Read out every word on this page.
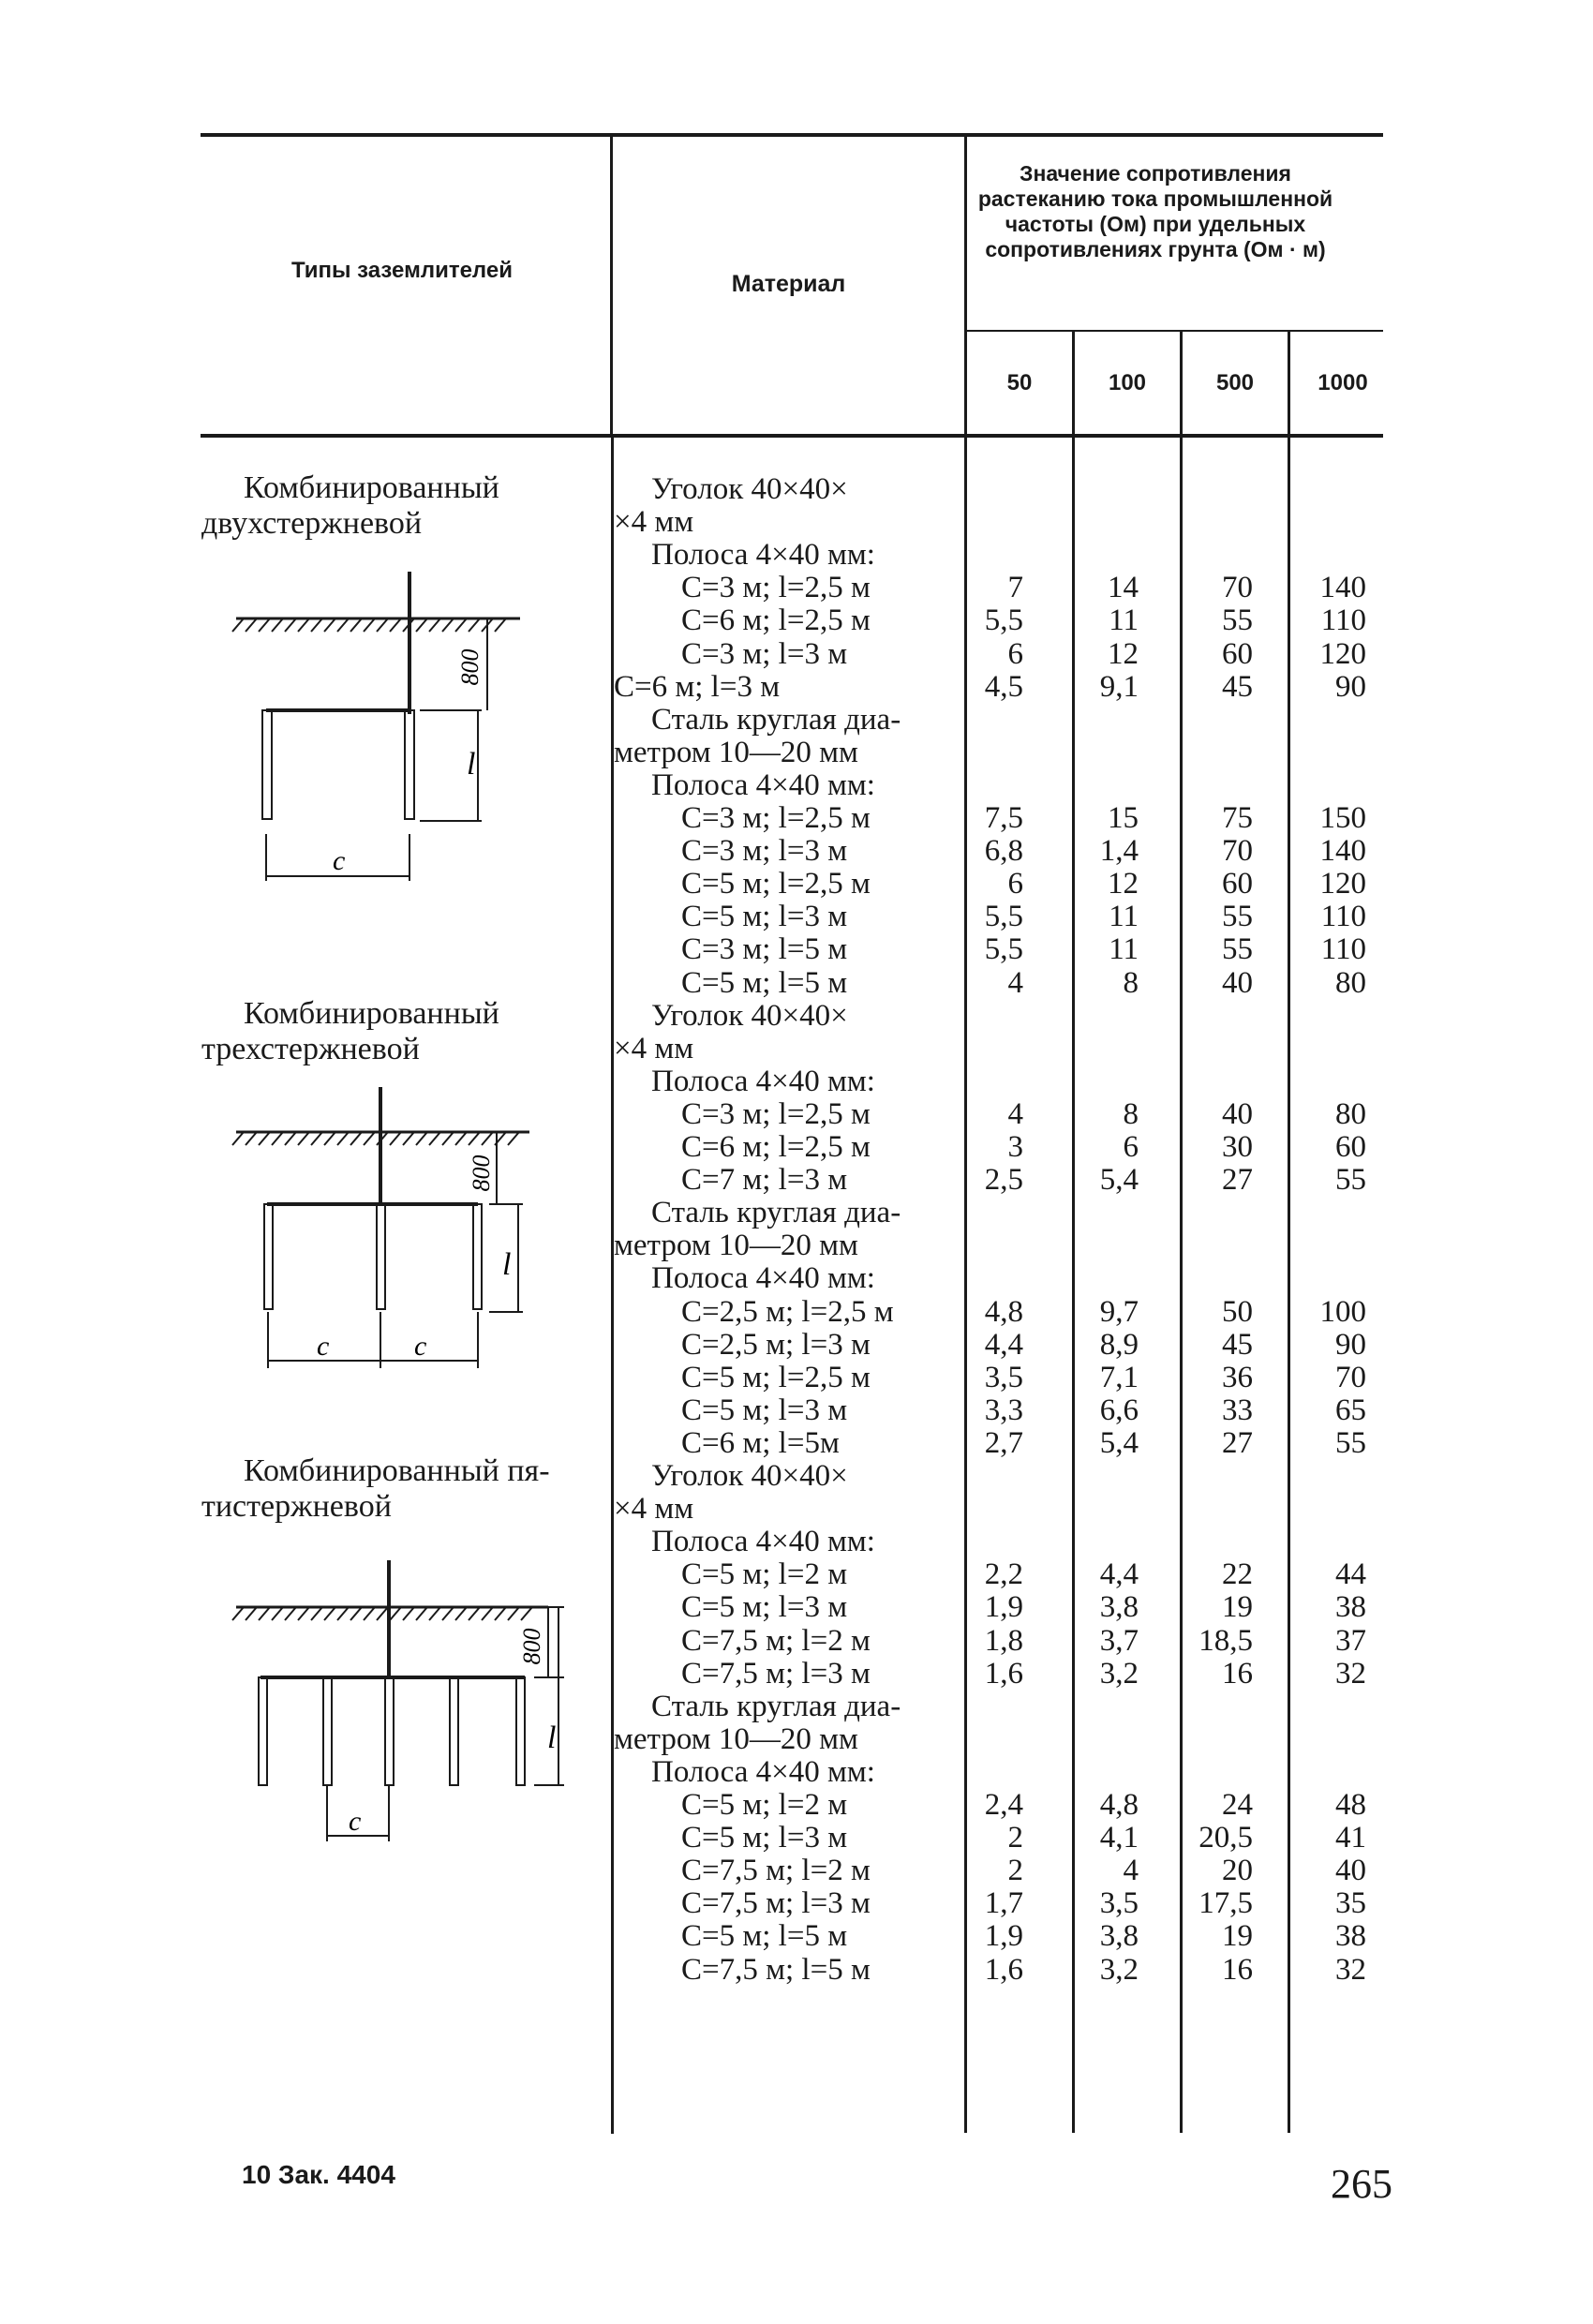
Типы заземлителей
Материал
Значение сопротивления растеканию тока промышленной частоты (Ом) при удельных сопротивлениях грунта (Ом · м)
50	100	500	1000
Комбинированный
двухстержневой
Комбинированный
трехстержневой
Комбинированный пя-
тистержневой
800
l
c
800
l
c	c
800
l
c
Уголок 40×40×
×4 мм
Полоса 4×40 мм:
C=3 м; l=2,5 м	7	14	70	140
C=6 м; l=2,5 м	5,5	11	55	110
C=3 м; l=3 м	6	12	60	120
C=6 м; l=3 м	4,5	9,1	45	90
Сталь круглая диа-
метром 10—20 мм
Полоса 4×40 мм:
C=3 м; l=2,5 м	7,5	15	75	150
C=3 м; l=3 м	6,8	1,4	70	140
C=5 м; l=2,5 м	6	12	60	120
C=5 м; l=3 м	5,5	11	55	110
C=3 м; l=5 м	5,5	11	55	110
C=5 м; l=5 м	4	8	40	80
Уголок 40×40×
×4 мм
Полоса 4×40 мм:
C=3 м; l=2,5 м	4	8	40	80
C=6 м; l=2,5 м	3	6	30	60
C=7 м; l=3 м	2,5	5,4	27	55
Сталь круглая диа-
метром 10—20 мм
Полоса 4×40 мм:
C=2,5 м; l=2,5 м	4,8	9,7	50	100
C=2,5 м; l=3 м	4,4	8,9	45	90
C=5 м; l=2,5 м	3,5	7,1	36	70
C=5 м; l=3 м	3,3	6,6	33	65
C=6 м; l=5м	2,7	5,4	27	55
Уголок 40×40×
×4 мм
Полоса 4×40 мм:
C=5 м; l=2 м	2,2	4,4	22	44
C=5 м; l=3 м	1,9	3,8	19	38
C=7,5 м; l=2 м	1,8	3,7	18,5	37
C=7,5 м; l=3 м	1,6	3,2	16	32
Сталь круглая диа-
метром 10—20 мм
Полоса 4×40 мм:
C=5 м; l=2 м	2,4	4,8	24	48
C=5 м; l=3 м	2	4,1	20,5	41
C=7,5 м; l=2 м	2	4	20	40
C=7,5 м; l=3 м	1,7	3,5	17,5	35
C=5 м; l=5 м	1,9	3,8	19	38
C=7,5 м; l=5 м	1,6	3,2	16	32
10 Зак. 4404	265
